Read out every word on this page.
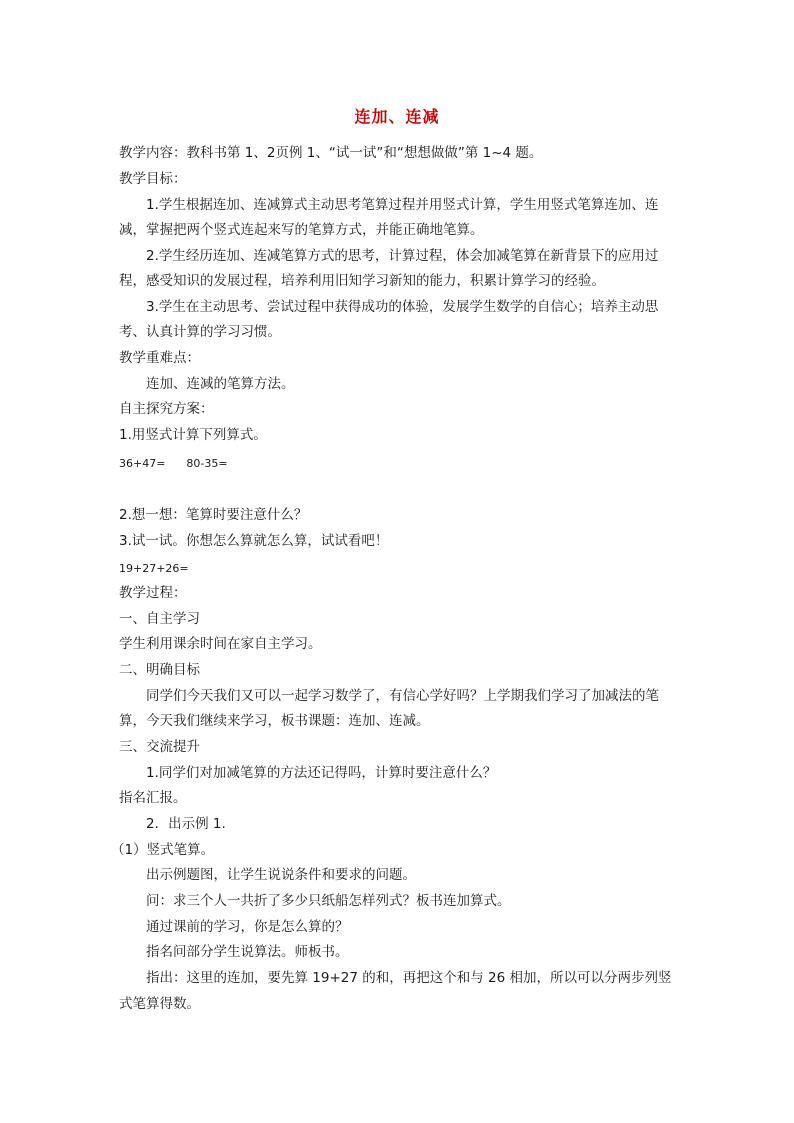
连加、连减
教学内容：教科书第 1、2页例 1、“试一试”和“想想做做”第 1~4 题。
教学目标：
1.学生根据连加、连减算式主动思考笔算过程并用竖式计算，学生用竖式笔算连加、连
减，掌握把两个竖式连起来写的笔算方式，并能正确地笔算。
2.学生经历连加、连减笔算方式的思考，计算过程，体会加减笔算在新背景下的应用过
程，感受知识的发展过程，培养利用旧知学习新知的能力，积累计算学习的经验。
3.学生在主动思考、尝试过程中获得成功的体验，发展学生数学的自信心；培养主动思
考、认真计算的学习习惯。
教学重难点：
连加、连减的笔算方法。
自主探究方案：
1.用竖式计算下列算式。
36+47=      80-35=
2.想一想：笔算时要注意什么？
3.试一试。你想怎么算就怎么算，试试看吧！
19+27+26=
教学过程：
一、自主学习
学生利用课余时间在家自主学习。
二、明确目标
同学们今天我们又可以一起学习数学了，有信心学好吗？上学期我们学习了加减法的笔
算，今天我们继续来学习，板书课题：连加、连减。
三、交流提升
1.同学们对加减笔算的方法还记得吗，计算时要注意什么？
指名汇报。
2．出示例 1.
（1）竖式笔算。
出示例题图，让学生说说条件和要求的问题。
问：求三个人一共折了多少只纸船怎样列式？板书连加算式。
通过课前的学习，你是怎么算的？
指名问部分学生说算法。师板书。
指出：这里的连加，要先算 19+27 的和，再把这个和与 26 相加，所以可以分两步列竖
式笔算得数。
